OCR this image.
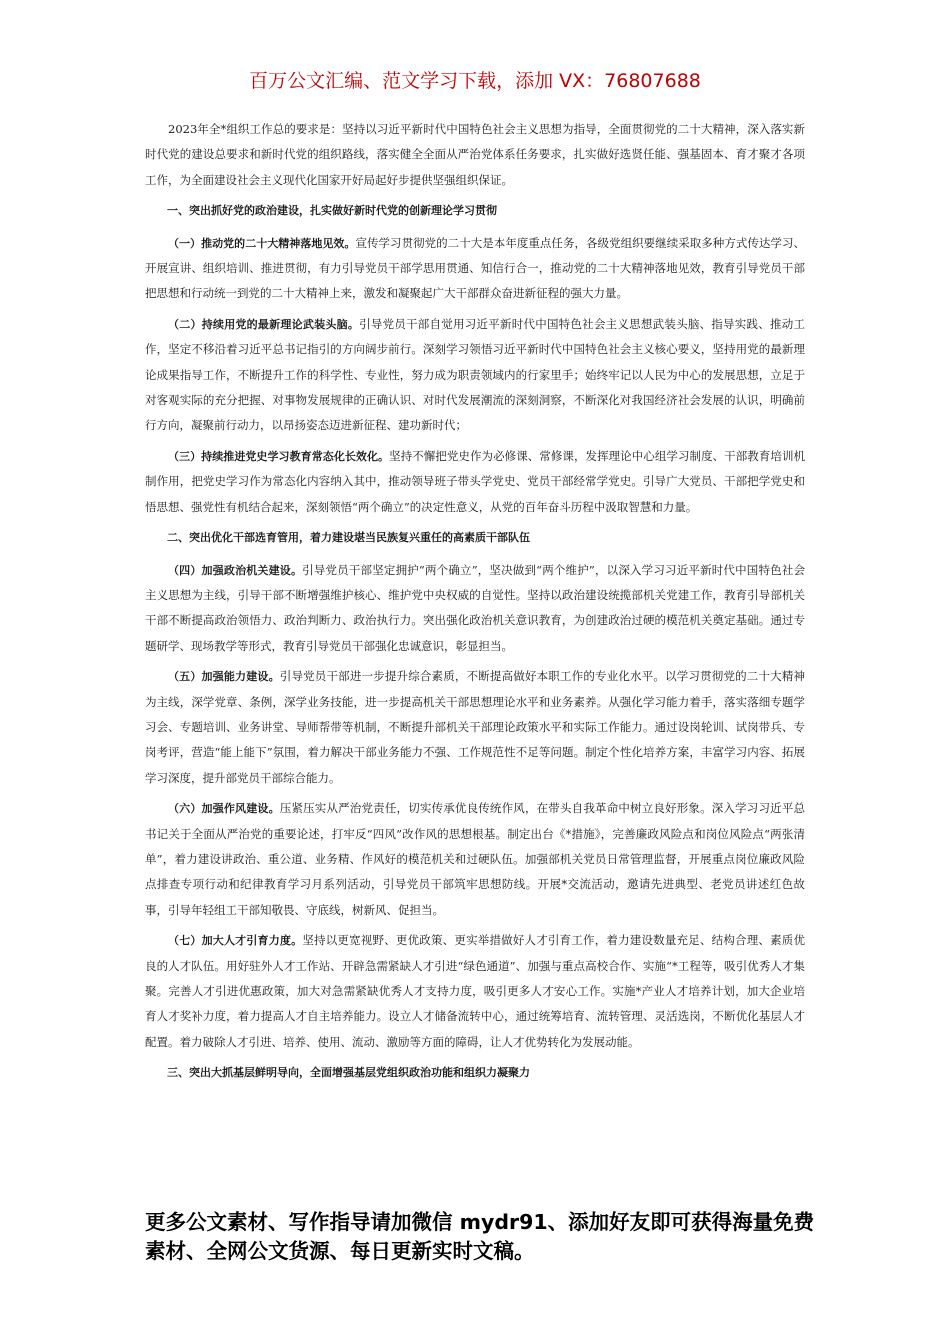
百万公文汇编、范文学习下载，添加 VX：76807688

2023年全*组织工作总的要求是：坚持以习近平新时代中国特色社会主义思想为指导，全面贯彻党的二十大精神，深入落实新时代党的建设总要求和新时代党的组织路线，落实健全全面从严治党体系任务要求，扎实做好选贤任能、强基固本、育才聚才各项工作，为全面建设社会主义现代化国家开好局起好步提供坚强组织保证。

一、突出抓好党的政治建设，扎实做好新时代党的创新理论学习贯彻

（一）推动党的二十大精神落地见效。宣传学习贯彻党的二十大是本年度重点任务，各级党组织要继续采取多种方式传达学习、开展宣讲、组织培训、推进贯彻，有力引导党员干部学思用贯通、知信行合一，推动党的二十大精神落地见效，教育引导党员干部把思想和行动统一到党的二十大精神上来，激发和凝聚起广大干部群众奋进新征程的强大力量。

（二）持续用党的最新理论武装头脑。引导党员干部自觉用习近平新时代中国特色社会主义思想武装头脑、指导实践、推动工作，坚定不移沿着习近平总书记指引的方向阔步前行。深刻学习领悟习近平新时代中国特色社会主义核心要义，坚持用党的最新理论成果指导工作，不断提升工作的科学性、专业性，努力成为职责领域内的行家里手；始终牢记以人民为中心的发展思想，立足于对客观实际的充分把握、对事物发展规律的正确认识、对时代发展潮流的深刻洞察，不断深化对我国经济社会发展的认识，明确前行方向，凝聚前行动力，以昂扬姿态迈进新征程、建功新时代；

（三）持续推进党史学习教育常态化长效化。坚持不懈把党史作为必修课、常修课，发挥理论中心组学习制度、干部教育培训机制作用，把党史学习作为常态化内容纳入其中，推动领导班子带头学党史、党员干部经常学党史。引导广大党员、干部把学党史和悟思想、强党性有机结合起来，深刻领悟“两个确立”的决定性意义，从党的百年奋斗历程中汲取智慧和力量。

二、突出优化干部选育管用，着力建设堪当民族复兴重任的高素质干部队伍

（四）加强政治机关建设。引导党员干部坚定拥护“两个确立”，坚决做到“两个维护”，以深入学习习近平新时代中国特色社会主义思想为主线，引导干部不断增强维护核心、维护党中央权威的自觉性。坚持以政治建设统揽部机关党建工作，教育引导部机关干部不断提高政治领悟力、政治判断力、政治执行力。突出强化政治机关意识教育，为创建政治过硬的模范机关奠定基础。通过专题研学、现场教学等形式，教育引导党员干部强化忠诚意识，彰显担当。

（五）加强能力建设。引导党员干部进一步提升综合素质，不断提高做好本职工作的专业化水平。以学习贯彻党的二十大精神为主线，深学党章、条例，深学业务技能，进一步提高机关干部思想理论水平和业务素养。从强化学习能力着手，落实落细专题学习会、专题培训、业务讲堂、导师帮带等机制，不断提升部机关干部理论政策水平和实际工作能力。通过设岗轮训、试岗带兵、专岗考评，营造“能上能下”氛围，着力解决干部业务能力不强、工作规范性不足等问题。制定个性化培养方案，丰富学习内容、拓展学习深度，提升部党员干部综合能力。

（六）加强作风建设。压紧压实从严治党责任，切实传承优良传统作风，在带头自我革命中树立良好形象。深入学习习近平总书记关于全面从严治党的重要论述，打牢反“四风”改作风的思想根基。制定出台《*措施》，完善廉政风险点和岗位风险点“两张清单”，着力建设讲政治、重公道、业务精、作风好的模范机关和过硬队伍。加强部机关党员日常管理监督，开展重点岗位廉政风险点排查专项行动和纪律教育学习月系列活动，引导党员干部筑牢思想防线。开展*交流活动，邀请先进典型、老党员讲述红色故事，引导年轻组工干部知敬畏、守底线，树新风、促担当。

（七）加大人才引育力度。坚持以更宽视野、更优政策、更实举措做好人才引育工作，着力建设数量充足、结构合理、素质优良的人才队伍。用好驻外人才工作站、开辟急需紧缺人才引进“绿色通道”、加强与重点高校合作、实施“*工程等，吸引优秀人才集聚。完善人才引进优惠政策，加大对急需紧缺优秀人才支持力度，吸引更多人才安心工作。实施*产业人才培养计划，加大企业培育人才奖补力度，着力提高人才自主培养能力。设立人才储备流转中心，通过统筹培育、流转管理、灵活选岗，不断优化基层人才配置。着力破除人才引进、培养、使用、流动、激励等方面的障碍，让人才优势转化为发展动能。

三、突出大抓基层鲜明导向，全面增强基层党组织政治功能和组织力凝聚力

更多公文素材、写作指导请加微信 mydr91、添加好友即可获得海量免费素材、全网公文货源、每日更新实时文稿。
